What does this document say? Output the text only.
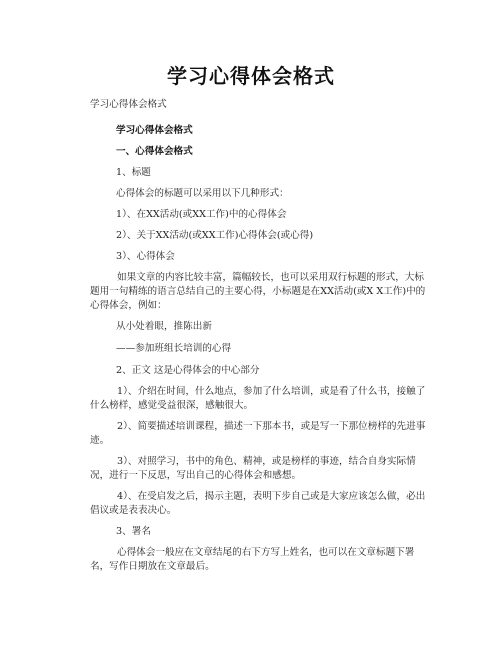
学习心得体会格式
学习心得体会格式
学习心得体会格式
一、心得体会格式
1、标题
心得体会的标题可以采用以下几种形式：
1）、在XX活动(或XX工作)中的心得体会
2）、关于XX活动(或XX工作)心得体会(或心得)
3）、心得体会
如果文章的内容比较丰富，篇幅较长，也可以采用双行标题的形式，大标
题用一句精练的语言总结自己的主要心得，小标题是在XX活动(或X X工作)中的
心得体会，例如：
从小处着眼，推陈出新
——参加班组长培训的心得
2、正文 这是心得体会的中心部分
1）、介绍在时间，什么地点，参加了什么培训，或是看了什么书，接触了
什么榜样，感觉受益很深，感触很大。
2）、简要描述培训课程，描述一下那本书，或是写一下那位榜样的先进事
迹。
3）、对照学习，书中的角色、精神，或是榜样的事迹，结合自身实际情
况，进行一下反思，写出自己的心得体会和感想。
4）、在受启发之后，揭示主题，表明下步自己或是大家应该怎么做，必出
倡议或是表表决心。
3、署名
心得体会一般应在文章结尾的右下方写上姓名，也可以在文章标题下署
名，写作日期放在文章最后。
